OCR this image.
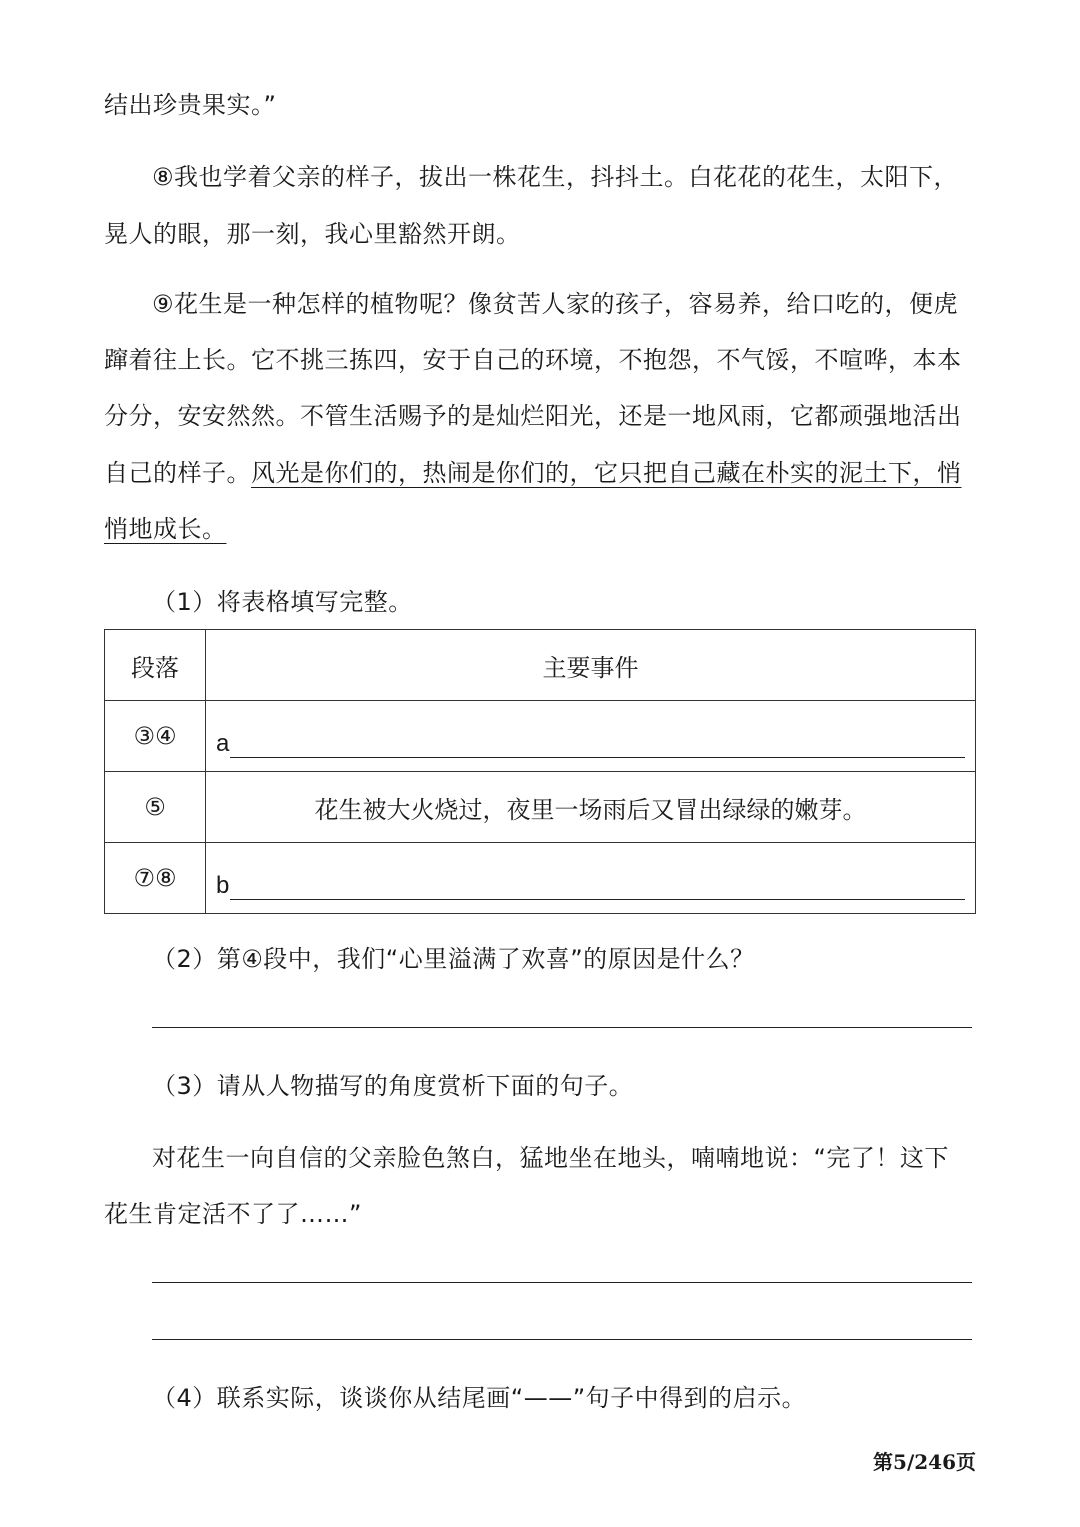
结出珍贵果实。”
⑧我也学着父亲的样子，拔出一株花生，抖抖土。白花花的花生，太阳下，
晃人的眼，那一刻，我心里豁然开朗。
⑨花生是一种怎样的植物呢？像贫苦人家的孩子，容易养，给口吃的，便虎
蹿着往上长。它不挑三拣四，安于自己的环境，不抱怨，不气馁，不喧哗，本本
分分，安安然然。不管生活赐予的是灿烂阳光，还是一地风雨，它都顽强地活出
自己的样子。风光是你们的，热闹是你们的，它只把自己藏在朴实的泥土下，悄
悄地成长。
（1）将表格填写完整。
段落	主要事件
③④	a

⑤	花生被大火烧过，夜里一场雨后又冒出绿绿的嫩芽。
⑦⑧	b
（2）第④段中，我们“心里溢满了欢喜”的原因是什么？
（3）请从人物描写的角度赏析下面的句子。
对花生一向自信的父亲脸色煞白，猛地坐在地头，喃喃地说：“完了！这下
花生肯定活不了了……”
（4）联系实际，谈谈你从结尾画“——”句子中得到的启示。
第5/246页
